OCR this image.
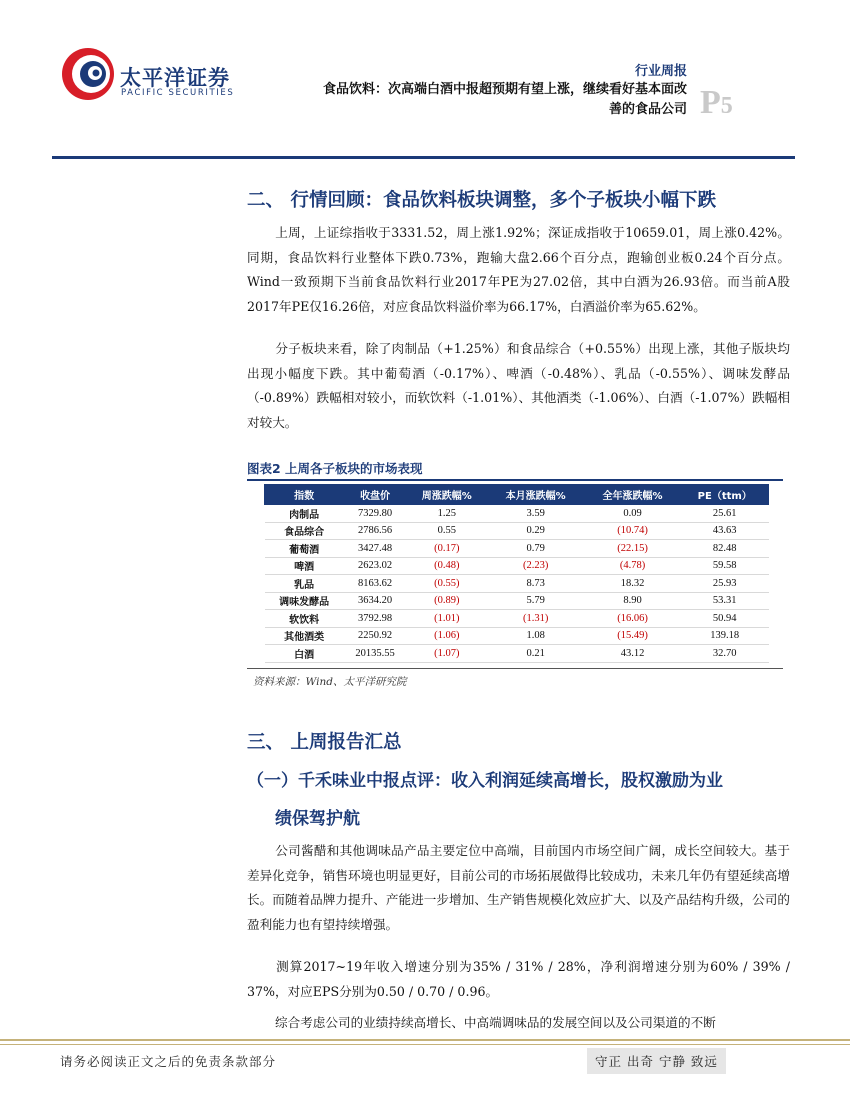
太平洋证券
PACIFIC SECURITIES
行业周报
食品饮料：次高端白酒中报超预期有望上涨，继续看好基本面改
善的食品公司 P5
二、 行情回顾：食品饮料板块调整，多个子板块小幅下跌
上周，上证综指收于3331.52，周上涨1.92%；深证成指收于10659.01，周上涨0.42%。同期，食品饮料行业整体下跌0.73%，跑输大盘2.66个百分点，跑输创业板0.24个百分点。Wind一致预期下当前食品饮料行业2017年PE为27.02倍，其中白酒为26.93倍。而当前A股2017年PE仅16.26倍，对应食品饮料溢价率为66.17%，白酒溢价率为65.62%。
分子板块来看，除了肉制品（+1.25%）和食品综合（+0.55%）出现上涨，其他子版块均出现小幅度下跌。其中葡萄酒（-0.17%）、啤酒（-0.48%）、乳品（-0.55%）、调味发酵品（-0.89%）跌幅相对较小，而软饮料（-1.01%）、其他酒类（-1.06%）、白酒（-1.07%）跌幅相对较大。
图表2 上周各子板块的市场表现
指数	收盘价	周涨跌幅%	本月涨跌幅%	全年涨跌幅%	PE（ttm）
肉制品	7329.80	1.25	3.59	0.09	25.61
食品综合	2786.56	0.55	0.29	(10.74)	43.63
葡萄酒	3427.48	(0.17)	0.79	(22.15)	82.48
啤酒	2623.02	(0.48)	(2.23)	(4.78)	59.58
乳品	8163.62	(0.55)	8.73	18.32	25.93
调味发酵品	3634.20	(0.89)	5.79	8.90	53.31
软饮料	3792.98	(1.01)	(1.31)	(16.06)	50.94
其他酒类	2250.92	(1.06)	1.08	(15.49)	139.18
白酒	20135.55	(1.07)	0.21	43.12	32.70
资料来源：Wind、太平洋研究院
三、 上周报告汇总
（一）千禾味业中报点评：收入利润延续高增长，股权激励为业
绩保驾护航
公司酱醋和其他调味品产品主要定位中高端，目前国内市场空间广阔，成长空间较大。基于差异化竞争，销售环境也明显更好，目前公司的市场拓展做得比较成功，未来几年仍有望延续高增长。而随着品牌力提升、产能进一步增加、生产销售规模化效应扩大、以及产品结构升级，公司的盈利能力也有望持续增强。
测算2017~19年收入增速分别为35% / 31% / 28%，净利润增速分别为60% / 39% / 37%，对应EPS分别为0.50 / 0.70 / 0.96。
综合考虑公司的业绩持续高增长、中高端调味品的发展空间以及公司渠道的不断
请务必阅读正文之后的免责条款部分	守正 出奇 宁静 致远
